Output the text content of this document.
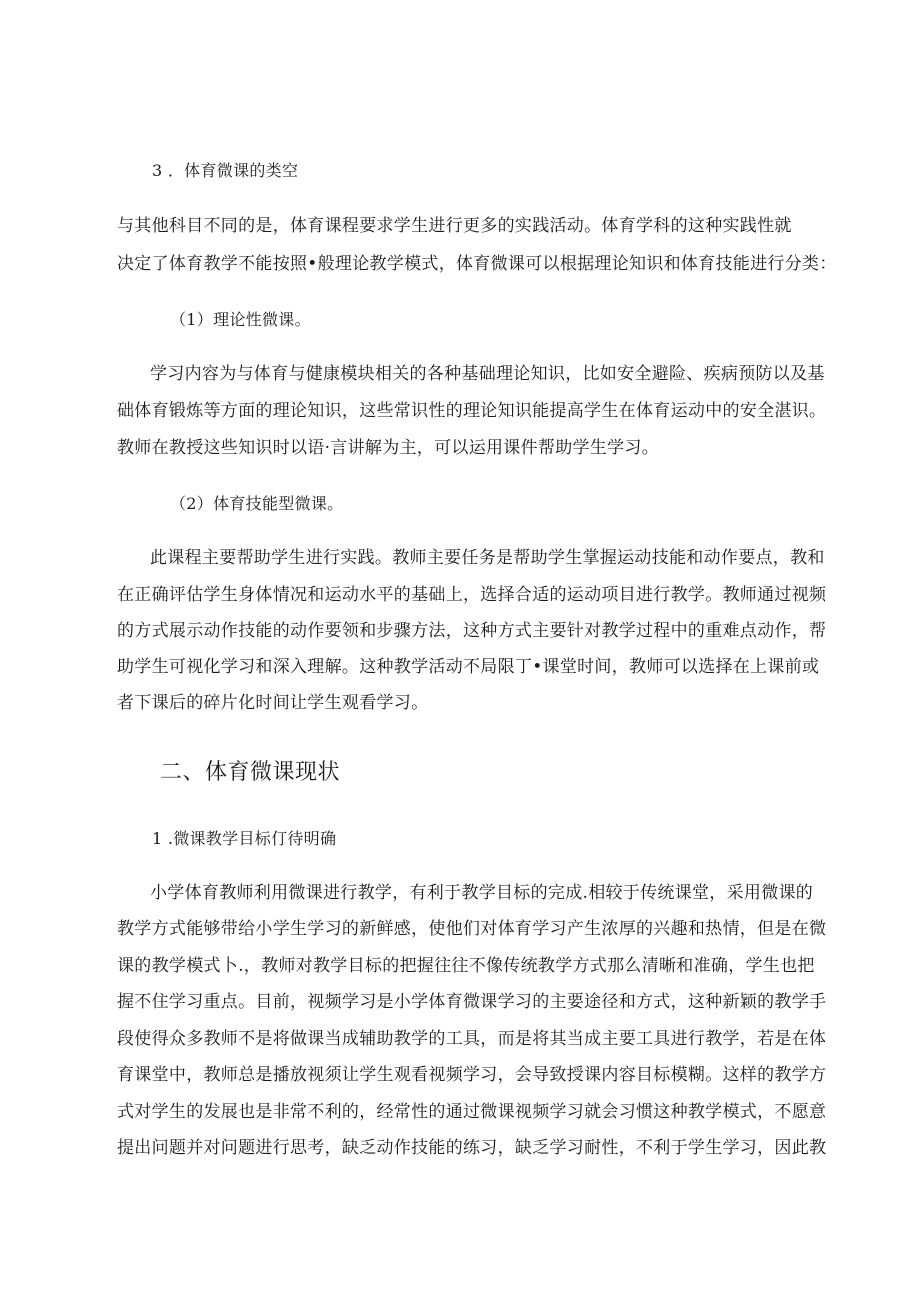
3 ．体育微课的类空
与其他科目不同的是，体育课程要求学生进行更多的实践活动。体育学科的这种实践性就
决定了体育教学不能按照•般理论教学模式，体育微课可以根据理论知识和体育技能进行分类：
（1）理论性微课。
学习内容为与体育与健康模块相关的各种基础理论知识，比如安全避险、疾病预防以及基
础体育锻炼等方面的理论知识，这些常识性的理论知识能提高学生在体育运动中的安全湛识。
教师在教授这些知识时以语·言讲解为主，可以运用课件帮助学生学习。
（2）体育技能型微课。
此课程主要帮助学生进行实践。教师主要任务是帮助学生掌握运动技能和动作要点，教和
在正确评估学生身体情况和运动水平的基础上，选择合适的运动项目进行教学。教师通过视频
的方式展示动作技能的动作要领和步骤方法，这种方式主要针对教学过程中的重难点动作，帮
助学生可视化学习和深入理解。这种教学活动不局限丁•课堂时间，教师可以选择在上课前或
者下课后的碎片化时间让学生观看学习。
二、体育微课现状
1 .微课教学目标仃待明确
小学体育教师利用微课进行教学，有利于教学目标的完成.相较于传统课堂，采用微课的
教学方式能够带给小学生学习的新鲜感，使他们对体育学习产生浓厚的兴趣和热情，但是在微
课的教学模式卜.，教师对教学目标的把握往往不像传统教学方式那么清晰和准确，学生也把
握不住学习重点。目前，视频学习是小学体育微课学习的主要途径和方式，这种新颖的教学手
段使得众多教师不是将做课当成辅助教学的工具，而是将其当成主要工具进行教学，若是在体
育课堂中，教师总是播放视须让学生观看视频学习，会导致授课内容目标模糊。这样的教学方
式对学生的发展也是非常不利的，经常性的通过微课视频学习就会习惯这种教学模式，不愿意
提出问题并对问题进行思考，缺乏动作技能的练习，缺乏学习耐性，不利于学生学习，因此教
